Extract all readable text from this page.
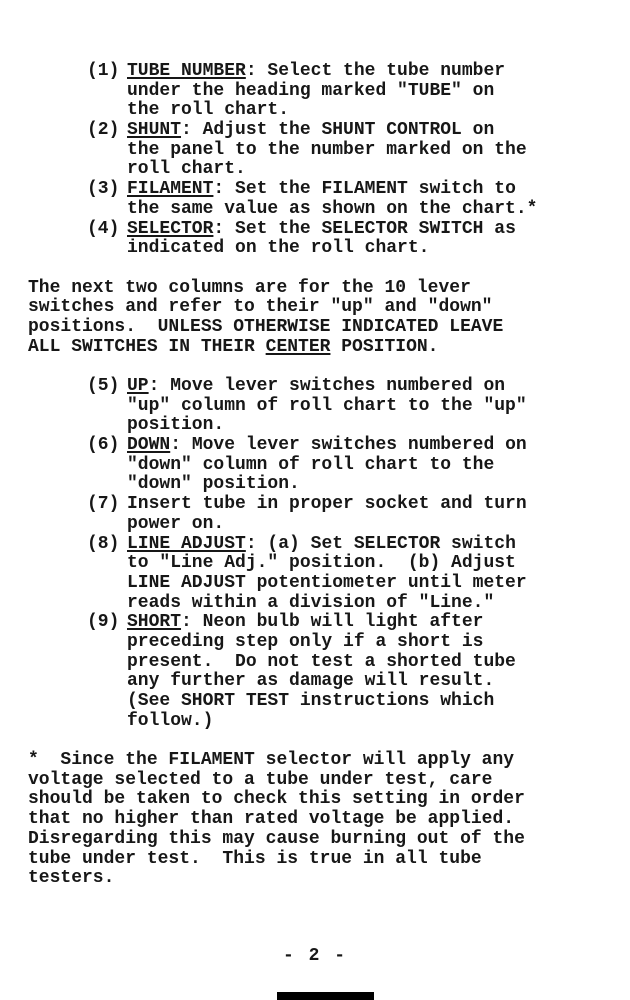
(1) TUBE NUMBER: Select the tube number
under the heading marked "TUBE" on
the roll chart.
(2) SHUNT: Adjust the SHUNT CONTROL on
the panel to the number marked on the
roll chart.
(3) FILAMENT: Set the FILAMENT switch to
the same value as shown on the chart.*
(4) SELECTOR: Set the SELECTOR SWITCH as
indicated on the roll chart.
The next two columns are for the 10 lever
switches and refer to their "up" and "down"
positions.  UNLESS OTHERWISE INDICATED LEAVE
ALL SWITCHES IN THEIR CENTER POSITION.
(5) UP: Move lever switches numbered on
"up" column of roll chart to the "up"
position.
(6) DOWN: Move lever switches numbered on
"down" column of roll chart to the
"down" position.
(7) Insert tube in proper socket and turn
power on.
(8) LINE ADJUST: (a) Set SELECTOR switch
to "Line Adj." position.  (b) Adjust
LINE ADJUST potentiometer until meter
reads within a division of "Line."
(9) SHORT: Neon bulb will light after
preceding step only if a short is
present.  Do not test a shorted tube
any further as damage will result.
(See SHORT TEST instructions which
follow.)
*  Since the FILAMENT selector will apply any
voltage selected to a tube under test, care
should be taken to check this setting in order
that no higher than rated voltage be applied.
Disregarding this may cause burning out of the
tube under test.  This is true in all tube
testers.
- 2 -
